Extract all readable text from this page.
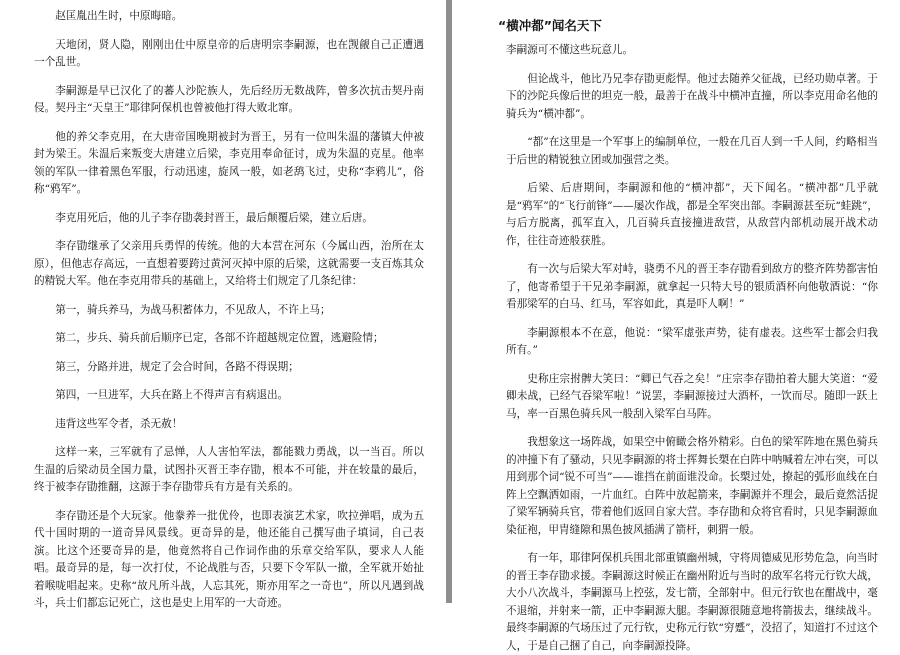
赵匡胤出生时，中原晦暗。

天地闭，贤人隐，刚刚出仕中原皇帝的后唐明宗李嗣源，也在觊觎自己正遭遇一个乱世。

李嗣源是早已汉化了的蕃人沙陀族人，先后经历无数战阵，曾多次抗击契丹南侵。契丹主“天皇王”耶律阿保机也曾被他打得大败北窜。

他的养父李克用，在大唐帝国晚期被封为晋王，另有一位叫朱温的藩镇大仲被封为梁王。朱温后来叛变大唐建立后梁，李克用奉命征讨，成为朱温的克星。他率领的军队一律着黑色军服，行动迅速，旋风一般，如老鸹飞过，史称“李鸦儿”，俗称“鸦军”。

李克用死后，他的儿子李存勖袭封晋王，最后颠覆后梁，建立后唐。

李存勖继承了父亲用兵勇悍的传统。他的大本营在河东（今属山西，治所在太原），但他志存高远，一直想着要跨过黄河灭掉中原的后梁，这就需要一支百炼其众的精锐大军。他在李克用带兵的基础上，又给将士们规定了几条纪律：

第一，骑兵养马，为战马积蓄体力，不见敌人，不许上马；

第二，步兵、骑兵前后顺序已定，各部不许超越规定位置，逃避险情；

第三，分路并进，规定了会合时间，各路不得误期；

第四，一旦进军，大兵在路上不得声言有病退出。

违背这些军令者，杀无赦！

这样一来，三军就有了忌惮，人人害怕军法，都能戮力勇战，以一当百。所以生温的后梁动员全国力量，试图扑灭晋王李存勖，根本不可能，并在较量的最后，终于被李存勖推翻，这源于李存勖带兵有方是有关系的。

李存勖还是个大玩家。他豢养一批优伶，也即表演艺术家，吹拉弹唱，成为五代十国时期的一道奇异风景线。更奇异的是，他还能自己撰写曲子填词，自己表演。比这个还要奇异的是，他竟然将自己作词作曲的乐章交给军队，要求人人能唱。最奇异的是，每一次打仗，不论战胜与否，只要下令军队一撤，全军就开始扯着喉咙唱起来。史称“故凡所斗战，人忘其死，斯亦用军之一奇也”，所以凡遇到战斗，兵士们都忘记死亡，这也是史上用军的一大奇迹。

“横冲都”闻名天下

李嗣源可不懂这些玩意儿。

但论战斗，他比乃兄李存勖更彪悍。他过去随养父征战，已经功勋卓著。于下的沙陀兵像后世的坦克一般，最善于在战斗中横冲直撞，所以李克用命名他的骑兵为“横冲都”。

“都”在这里是一个军事上的编制单位，一般在几百人到一千人间，约略相当于后世的精锐独立团或加强营之类。

后梁、后唐期间，李嗣源和他的“横冲都”，天下闻名。“横冲都”几乎就是“鸦军”的“飞行前锋”——屡次作战，都是全军突出部。李嗣源甚至玩“蛙跳”，与后方脱离，孤军直入，几百骑兵直接撞进敌营，从敌营内部机动展开战术动作，往往奇迹般获胜。

有一次与后梁大军对峙，骁勇不凡的晋王李存勖看到敌方的整齐阵势都害怕了，他寄希望于干兄弟李嗣源，就拿起一只特大号的银质酒杯向他敬酒说：“你看那梁军的白马、红马，军容如此，真是吓人啊！”

李嗣源根本不在意，他说：“梁军虚张声势，徒有虚表。这些军士都会归我所有。”

史称庄宗拊髀大笑曰：“卿已气吞之矣！”庄宗李存勖拍着大腿大笑道：“爱卿未战，已经气吞梁军啦！”说罢，李嗣源接过大酒杯，一饮而尽。随即一跃上马，率一百黑色骑兵风一般刮入梁军白马阵。

我想象这一场阵战，如果空中俯瞰会格外精彩。白色的梁军阵地在黑色骑兵的冲撞下有了骚动，只见李嗣源的将士挥舞长槊在白阵中呐喊着左冲右突，可以用到那个词“锐不可当”——谁挡在前面谁没命。长槊过处，撩起的弧形血线在白阵上空飘洒如雨，一片血红。白阵中放起箭来，李嗣源并不理会，最后竟然活捉了梁军辆骑兵官，带着他们返回自家大营。李存勖和众将官看时，只见李嗣源血染征袍，甲胄缝隙和黑色披风插满了箭杆，刺猬一般。

有一年，耶律阿保机兵围北部重镇幽州城，守将周德威见形势危急，向当时的晋王李存勖求援。李嗣源这时候正在幽州附近与当时的敌军名将元行钦大战，大小八次战斗，李嗣源马上控弦，发七箭，全部射中。但元行钦也在酣战中，毫不退缩，并射来一箭，正中李嗣源大腿。李嗣源很随意地将箭拔去，继续战斗。最终李嗣源的气场压过了元行钦，史称元行钦“穷蹙”，没招了，知道打不过这个人，于是自己捆了自己，向李嗣源投降。
